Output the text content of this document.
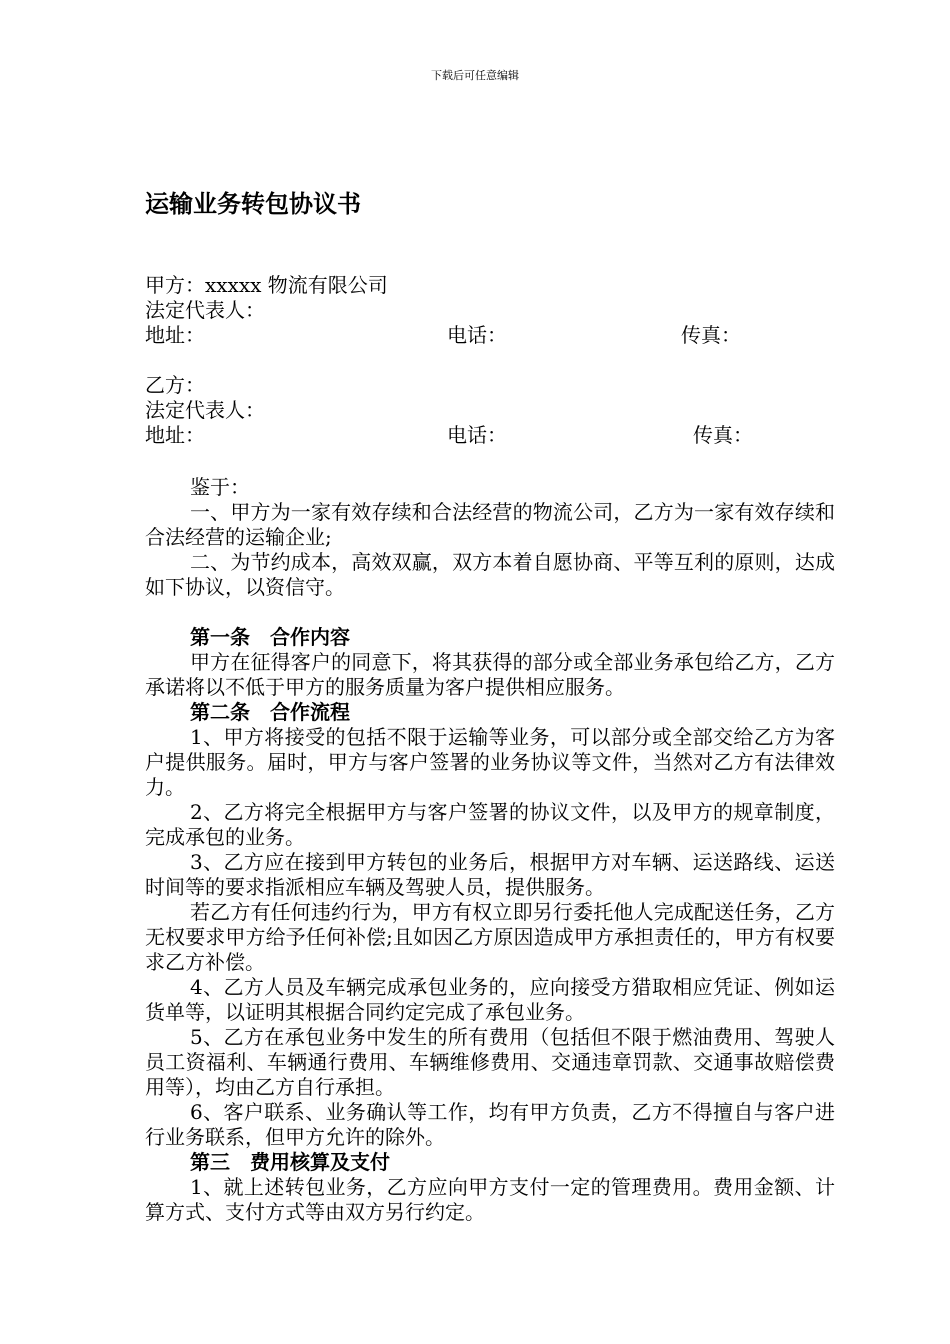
下载后可任意编辑
运输业务转包协议书
甲方：xxxxx 物流有限公司
法定代表人：
地址：	电话：	传真：
乙方：
法定代表人：
地址：	电话：	传真：

鉴于：

一、甲方为一家有效存续和合法经营的物流公司，乙方为一家有效存续和合法经营的运输企业;

二、为节约成本，高效双赢，双方本着自愿协商、平等互利的原则，达成如下协议，以资信守。

第一条　合作内容

甲方在征得客户的同意下，将其获得的部分或全部业务承包给乙方，乙方承诺将以不低于甲方的服务质量为客户提供相应服务。

第二条　合作流程

1、甲方将接受的包括不限于运输等业务，可以部分或全部交给乙方为客户提供服务。届时，甲方与客户签署的业务协议等文件，当然对乙方有法律效力。

2、乙方将完全根据甲方与客户签署的协议文件，以及甲方的规章制度，完成承包的业务。

3、乙方应在接到甲方转包的业务后，根据甲方对车辆、运送路线、运送时间等的要求指派相应车辆及驾驶人员，提供服务。

若乙方有任何违约行为，甲方有权立即另行委托他人完成配送任务，乙方无权要求甲方给予任何补偿;且如因乙方原因造成甲方承担责任的，甲方有权要求乙方补偿。

4、乙方人员及车辆完成承包业务的，应向接受方猎取相应凭证、例如运货单等，以证明其根据合同约定完成了承包业务。

5、乙方在承包业务中发生的所有费用（包括但不限于燃油费用、驾驶人员工资福利、车辆通行费用、车辆维修费用、交通违章罚款、交通事故赔偿费用等），均由乙方自行承担。

6、客户联系、业务确认等工作，均有甲方负责，乙方不得擅自与客户进行业务联系，但甲方允许的除外。

第三　费用核算及支付

1、就上述转包业务，乙方应向甲方支付一定的管理费用。费用金额、计算方式、支付方式等由双方另行约定。
